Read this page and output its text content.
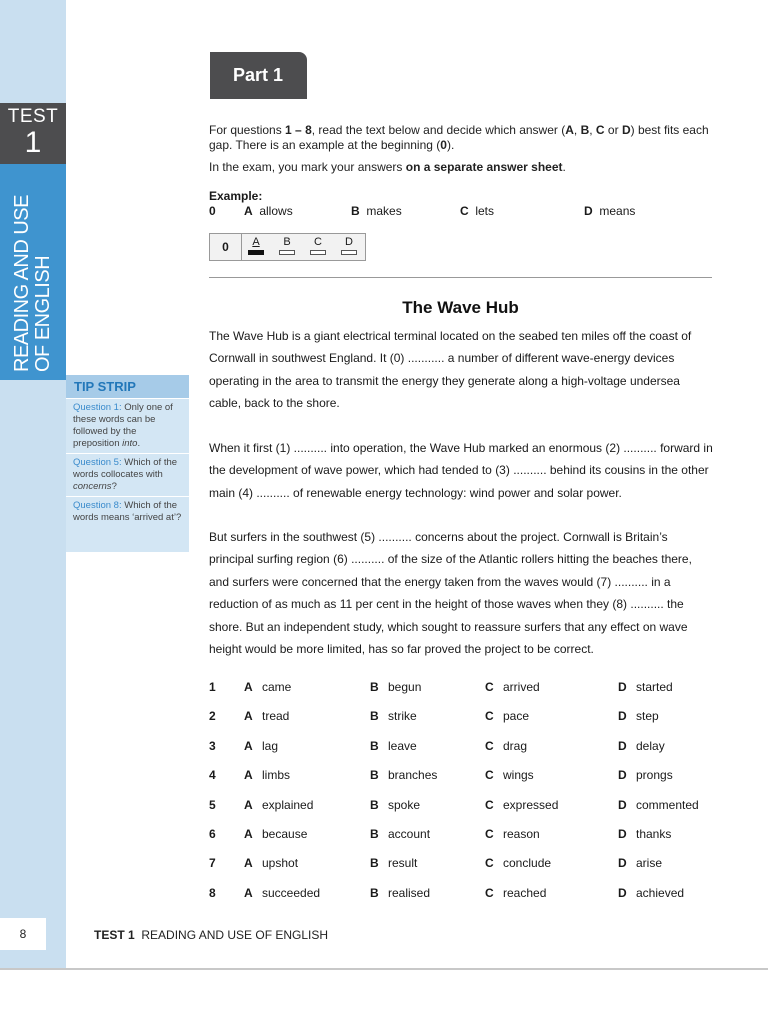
TEST
1
READING AND USE OF ENGLISH
TIP STRIP
Question 1: Only one of these words can be followed by the preposition into.
Question 5: Which of the words collocates with concerns?
Question 8: Which of the words means ‘arrived at’?
8
Part 1

For questions 1 – 8, read the text below and decide which answer (A, B, C or D) best fits each gap. There is an example at the beginning (0).

In the exam, you mark your answers on a separate answer sheet.

Example:
0 A allows	B makes	C lets	D means
0	A	B	C	D
The Wave Hub
The Wave Hub is a giant electrical terminal located on the seabed ten miles off the coast of Cornwall in southwest England. It (0) ........... a number of different wave-energy devices operating in the area to transmit the energy they generate along a high-voltage undersea cable, back to the shore.
When it first (1) .......... into operation, the Wave Hub marked an enormous (2) .......... forward in the development of wave power, which had tended to (3) .......... behind its cousins in the other main (4) .......... of renewable energy technology: wind power and solar power.
But surfers in the southwest (5) .......... concerns about the project. Cornwall is Britain’s principal surfing region (6) .......... of the size of the Atlantic rollers hitting the beaches there, and surfers were concerned that the energy taken from the waves would (7) .......... in a reduction of as much as 11 per cent in the height of those waves when they (8) .......... the shore. But an independent study, which sought to reassure surfers that any effect on wave height would be more limited, has so far proved the project to be correct.
1 A came	B begun	C arrived	D started
2 A tread	B strike	C pace	D step
3 A lag	B leave	C drag	D delay
4 A limbs	B branches	C wings	D prongs
5 A explained	B spoke	C expressed	D commented
6 A because	B account	C reason	D thanks
7 A upshot	B result	C conclude	D arise
8 A succeeded	B realised	C reached	D achieved
TEST 1 READING AND USE OF ENGLISH
